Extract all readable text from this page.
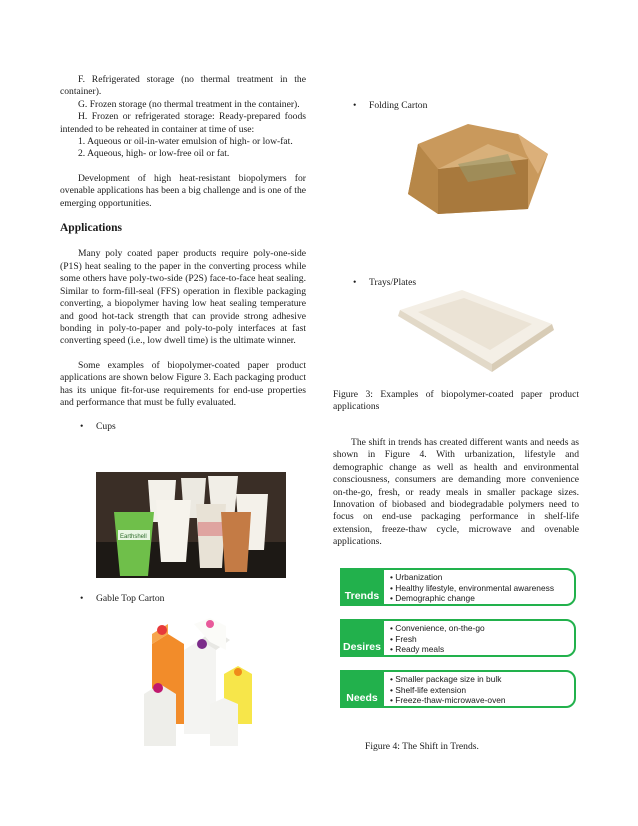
F. Refrigerated storage (no thermal treatment in the container).

G. Frozen storage (no thermal treatment in the container).

H. Frozen or refrigerated storage: Ready-prepared foods intended to be reheated in container at time of use:

1. Aqueous or oil-in-water emulsion of high- or low-fat.

2. Aqueous, high- or low-free oil or fat.

Development of high heat-resistant biopolymers for ovenable applications has been a big challenge and is one of the emerging opportunities.

Applications

Many poly coated paper products require poly-one-side (P1S) heat sealing to the paper in the converting process while some others have poly-two-side (P2S) face-to-face heat sealing. Similar to form-fill-seal (FFS) operation in flexible packaging converting, a biopolymer having low heat sealing temperature and good hot-tack strength that can provide strong adhesive bonding in poly-to-paper and poly-to-poly interfaces at fast converting speed (i.e., low dwell time) is the ultimate winner.

Some examples of biopolymer-coated paper product applications are shown below Figure 3. Each packaging product has its unique fit-for-use requirements for end-use properties and performance that must be fully evaluated.

• Cups
• Gable Top Carton
Earthshell
• Folding Carton
• Trays/Plates

Figure 3: Examples of biopolymer-coated paper product applications

The shift in trends has created different wants and needs as shown in Figure 4. With urbanization, lifestyle and demographic change as well as health and environmental consciousness, consumers are demanding more convenience on-the-go, fresh, or ready meals in smaller package sizes. Innovation of biobased and biodegradable polymers need to focus on end-use packaging performance in shelf-life extension, freeze-thaw cycle, microwave and ovenable applications.

• Urbanization
• Healthy lifestyle, environmental awareness
• Demographic change
Trends
• Convenience, on-the-go
• Fresh
• Ready meals
Desires
• Smaller package size in bulk
• Shelf-life extension
• Freeze-thaw-microwave-oven
Needs
Figure 4: The Shift in Trends.
